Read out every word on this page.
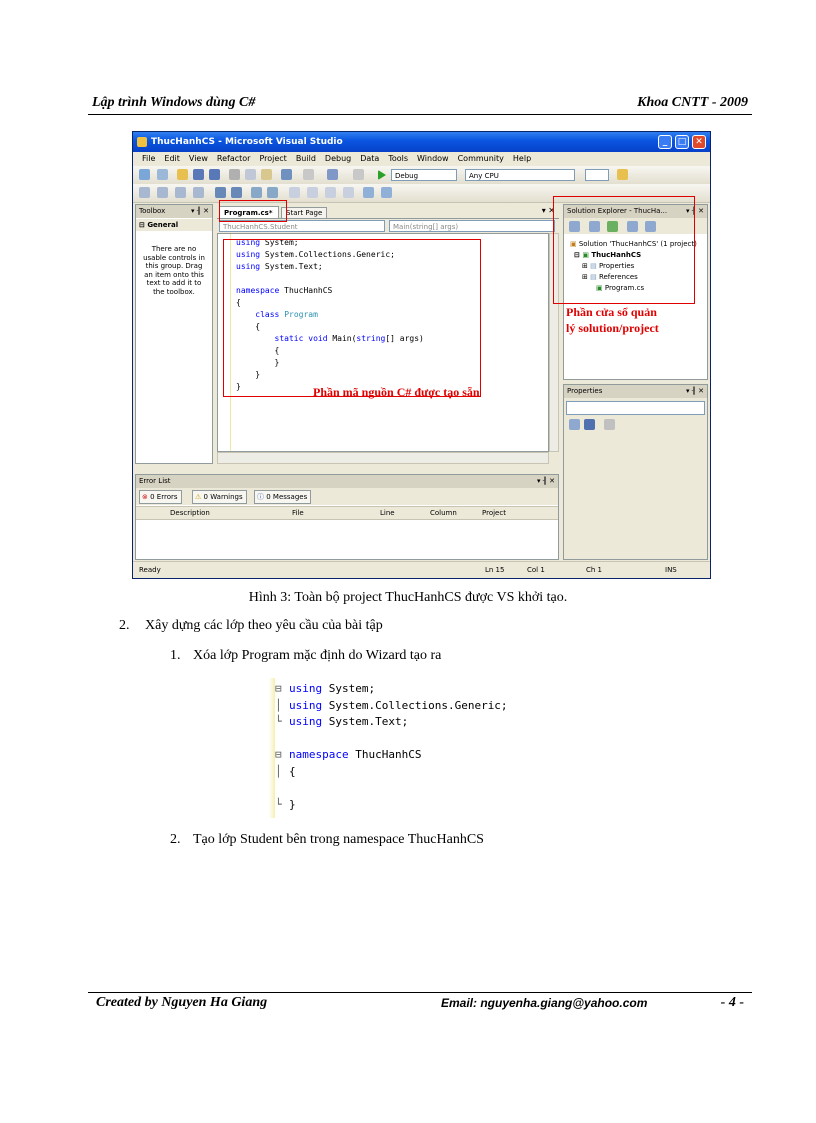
Lập trình Windows dùng C#	Khoa CNTT - 2009
ThucHanhCS - Microsoft Visual Studio	_	□ ✕
File Edit View Refactor Project Build Debug Data Tools Window Community Help
Debug	Any CPU
Toolbox	▾ ╢ ✕
⊟ General
There are no usable controls in this group. Drag an item onto this text to add it to the toolbox.
Program.cs*	Start Page	▾ ✕
ThucHanhCS.Student	Main(string[] args)
using System;
using System.Collections.Generic;
using System.Text;

namespace ThucHanhCS
{
class Program
{
static void Main(string[] args)
{
}
}
}
Solution Explorer - ThucHa...	▾ ╢ ✕
▣ Solution 'ThucHanhCS' (1 project)
⊟ ▣ ThucHanhCS
⊞ ▤ Properties
⊞ ▤ References
▣ Program.cs
Properties	▾ ╢ ✕
Error List	▾ ╢ ✕
⊗ 0 Errors	⚠ 0 Warnings	ⓘ 0 Messages
Description	File	Line	Column	Project
Ready	Ln 15	Col 1	Ch 1	INS
Phần mã nguồn C# được tạo sẵn
Phần cửa sổ quản
lý solution/project
Hình 3: Toàn bộ project ThucHanhCS được VS khởi tạo.
2. Xây dựng các lớp theo yêu cầu của bài tập
1. Xóa lớp Program mặc định do Wizard tạo ra
⊟
│
└

⊟
│

└
using System;
using System.Collections.Generic;
using System.Text;

namespace ThucHanhCS
{

}
2. Tạo lớp Student bên trong namespace ThucHanhCS
Created by Nguyen Ha Giang	Email: nguyenha.giang@yahoo.com	- 4 -
